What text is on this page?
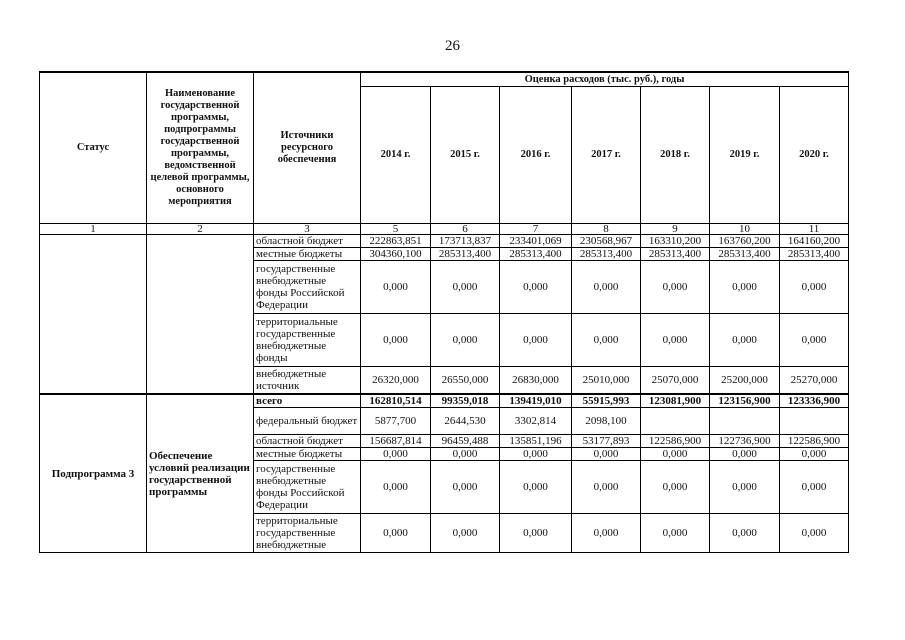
26
Статус	Наименование государственной программы, подпрограммы государственной программы, ведомственной целевой программы, основного мероприятия	Источники ресурсного обеспечения	Оценка расходов (тыс. руб.), годы						
			2014 г.	2015 г.	2016 г.	2017 г.	2018 г.	2019 г.	2020 г.
1	2	3	5	6	7	8	9	10	11
		областной бюджет	222863,851	173713,837	233401,069	230568,967	163310,200	163760,200	164160,200
		местные бюджеты	304360,100	285313,400	285313,400	285313,400	285313,400	285313,400	285313,400
		государственные внебюджетные фонды Российской Федерации	0,000	0,000	0,000	0,000	0,000	0,000	0,000
		территориальные государственные внебюджетные фонды	0,000	0,000	0,000	0,000	0,000	0,000	0,000
		внебюджетные источник	26320,000	26550,000	26830,000	25010,000	25070,000	25200,000	25270,000
Подпрограмма 3	Обеспечение условий реализации государственной программы	всего	162810,514	99359,018	139419,010	55915,993	123081,900	123156,900	123336,900
		федеральный бюджет	5877,700	2644,530	3302,814	2098,100			
		областной бюджет	156687,814	96459,488	135851,196	53177,893	122586,900	122736,900	122586,900
		местные бюджеты	0,000	0,000	0,000	0,000	0,000	0,000	0,000
		государственные внебюджетные фонды Российской Федерации	0,000	0,000	0,000	0,000	0,000	0,000	0,000
		территориальные государственные внебюджетные	0,000	0,000	0,000	0,000	0,000	0,000	0,000
